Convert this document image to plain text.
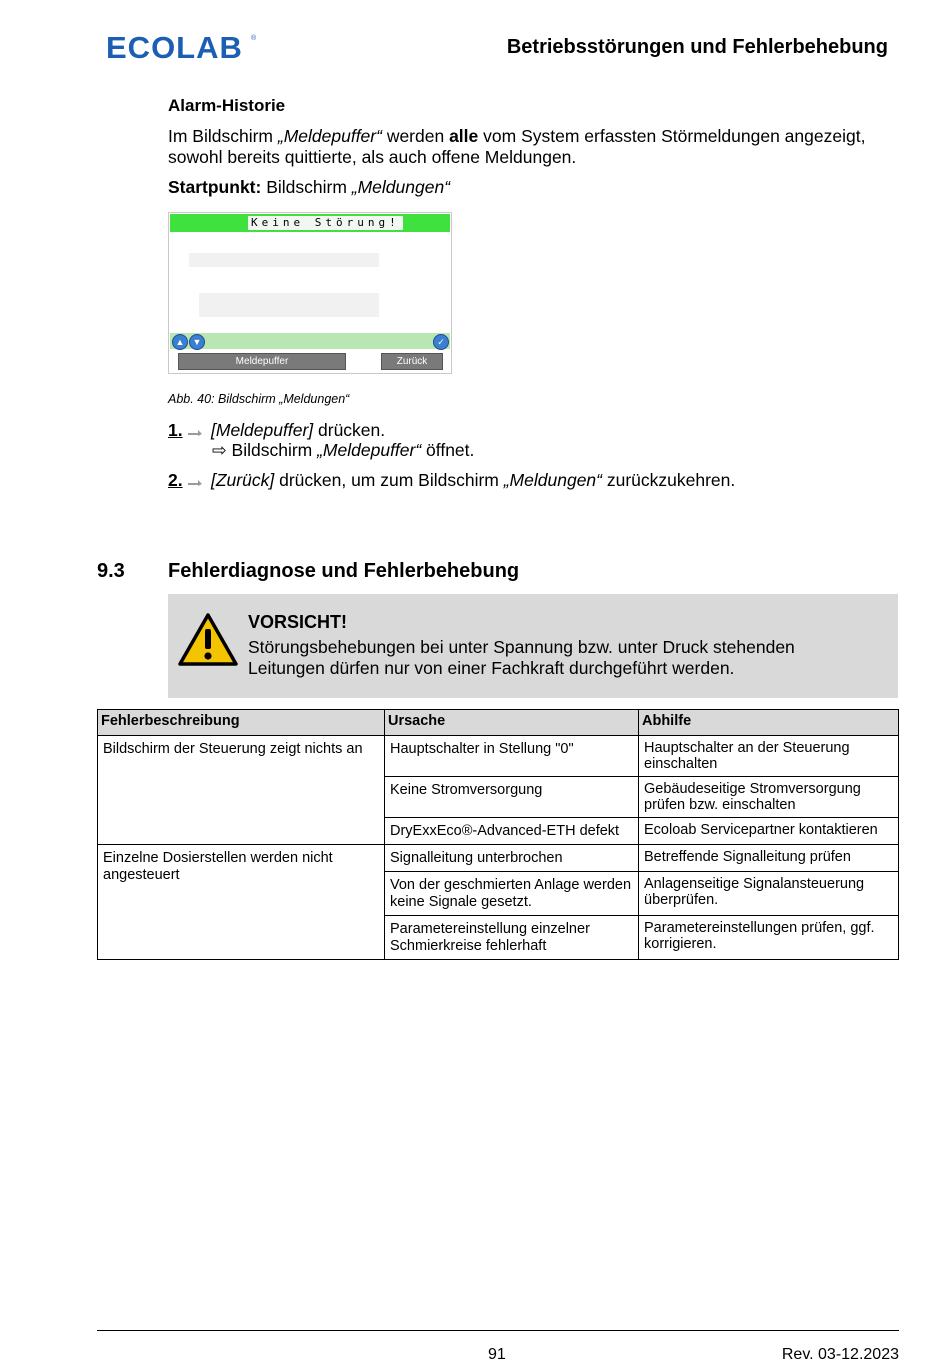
ECOLAB ®	Betriebsstörungen und Fehlerbehebung
Alarm-Historie
Im Bildschirm „Meldepuffer“ werden alle vom System erfassten Störmeldungen angezeigt, sowohl bereits quittierte, als auch offene Meldungen.
Startpunkt: Bildschirm „Meldungen“
Keine Störung!
▲ ▼	✓
Meldepuffer	Zurück
Abb. 40: Bildschirm „Meldungen“
1. [Meldepuffer] drücken.
⇨ Bildschirm „Meldepuffer“ öffnet.
2. [Zurück] drücken, um zum Bildschirm „Meldungen“ zurückzukehren.
9.3 Fehlerdiagnose und Fehlerbehebung
VORSICHT!
Störungsbehebungen bei unter Spannung bzw. unter Druck stehenden Leitungen dürfen nur von einer Fachkraft durchgeführt werden.
Fehlerbeschreibung	Ursache	Abhilfe
Bildschirm der Steuerung zeigt nichts an	Hauptschalter in Stellung "0"	Hauptschalter an der Steuerung einschalten
	Keine Stromversorgung	Gebäudeseitige Stromversorgung prüfen bzw. einschalten
	DryExxEco®-Advanced-ETH defekt	Ecoloab Servicepartner kontaktieren
Einzelne Dosierstellen werden nicht angesteuert	Signalleitung unterbrochen	Betreffende Signalleitung prüfen
	Von der geschmierten Anlage werden keine Signale gesetzt.	Anlagenseitige Signalansteuerung überprüfen.
	Parametereinstellung einzelner Schmierkreise fehlerhaft	Parametereinstellungen prüfen, ggf. korrigieren.
91	Rev. 03-12.2023
